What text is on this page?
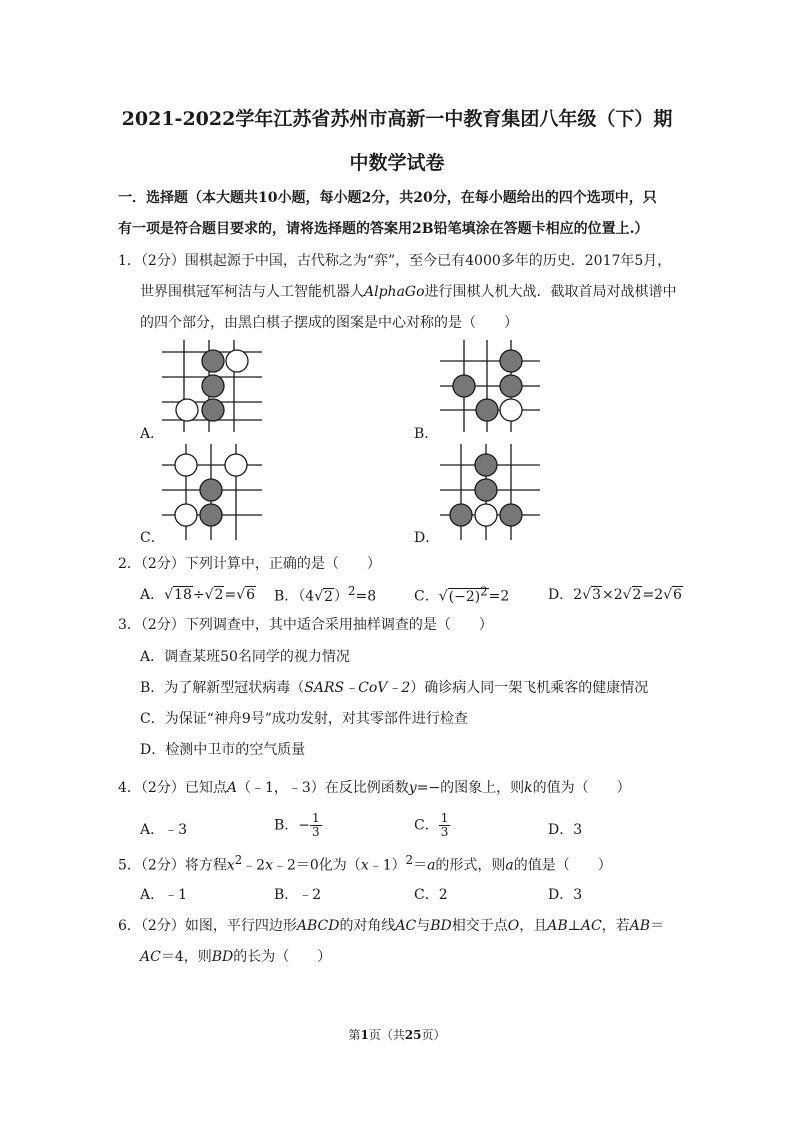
2021-2022学年江苏省苏州市高新一中教育集团八年级（下）期
中数学试卷
一．选择题（本大题共10小题，每小题2分，共20分，在每小题给出的四个选项中，只
有一项是符合题目要求的，请将选择题的答案用2B铅笔填涂在答题卡相应的位置上.）
1．（2分）围棋起源于中国，古代称之为“弈”，至今已有4000多年的历史．2017年5月，
世界围棋冠军柯洁与人工智能机器人AlphaGo进行围棋人机大战．截取首局对战棋谱中
的四个部分，由黑白棋子摆成的图案是中心对称的是（　　）
A．	B．
C．	D．
2．（2分）下列计算中，正确的是（　　）
A．√18÷√2=√6 B．$(4√2)^2=8$	C．$√(-2)^2=2$	D．2√3×2√2=2√6
3．（2分）下列调查中，其中适合采用抽样调查的是（　　）
A．调查某班50名同学的视力情况
B．为了解新型冠状病毒（SARS﹣CoV﹣2）确诊病人同一架飞机乘客的健康情况
C．为保证“神舟9号”成功发射，对其零部件进行检查
D．检测中卫市的空气质量
4．（2分）已知点A（﹣1，﹣3）在反比例函数y=−的图象上，则k的值为（　　）
A．﹣3	B．− $\frac{1}{3}$	C． $\frac{1}{3}$	D．3
5．（2分）将方程$x^2﹣2x﹣2=0$化为（x﹣1）$^2$＝a的形式，则a的值是（　　）
A．﹣1	B．﹣2	C．2	D．3
6．（2分）如图，平行四边形ABCD的对角线AC与BD相交于点O，且AB⊥AC，若AB＝
AC＝4，则BD的长为（　　）
第1页（共25页）
